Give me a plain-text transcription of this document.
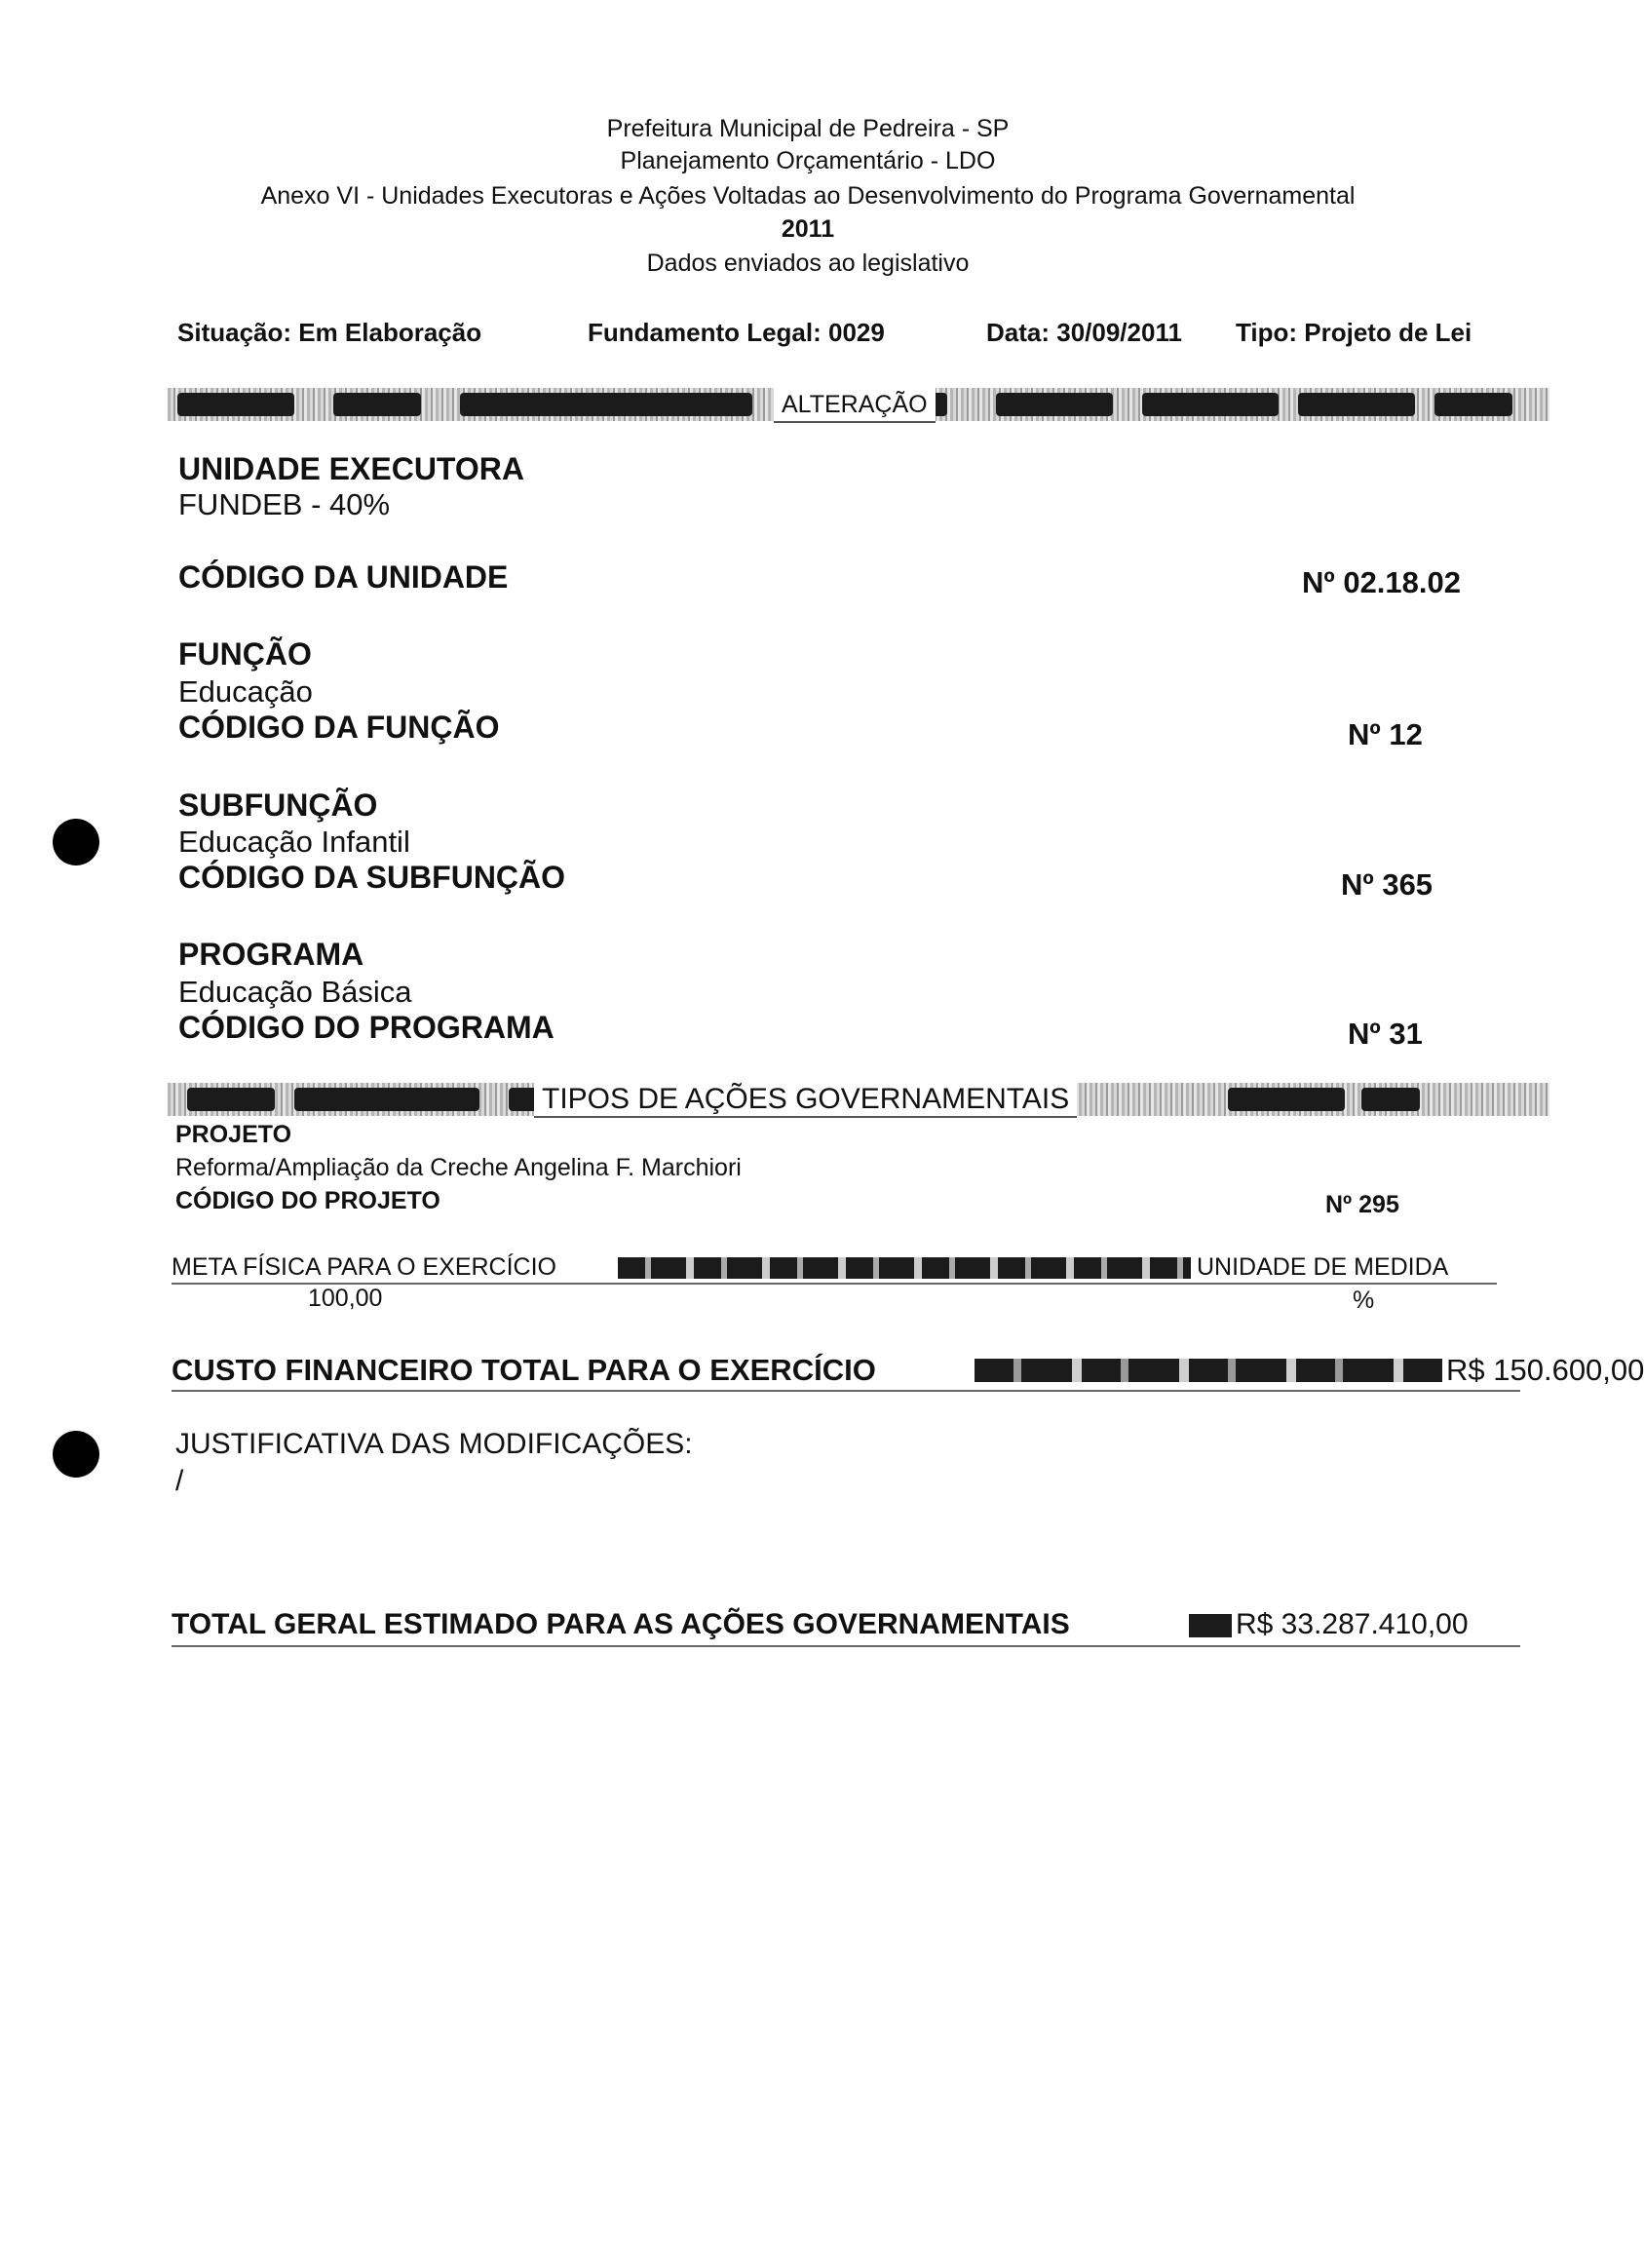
Prefeitura Municipal de Pedreira - SP
Planejamento Orçamentário - LDO
Anexo VI - Unidades Executoras e Ações Voltadas ao Desenvolvimento do Programa Governamental
2011
Dados enviados ao legislativo
Situação: Em Elaboração	Fundamento Legal: 0029	Data: 30/09/2011 Tipo: Projeto de Lei
ALTERAÇÃO
UNIDADE EXECUTORA
FUNDEB - 40%
CÓDIGO DA UNIDADE	Nº 02.18.02
FUNÇÃO
Educação
CÓDIGO DA FUNÇÃO	Nº 12
SUBFUNÇÃO
Educação Infantil
CÓDIGO DA SUBFUNÇÃO	Nº 365
PROGRAMA
Educação Básica
CÓDIGO DO PROGRAMA	Nº 31
TIPOS DE AÇÕES GOVERNAMENTAIS
PROJETO
Reforma/Ampliação da Creche Angelina F. Marchiori
CÓDIGO DO PROJETO	Nº 295
META FÍSICA PARA O EXERCÍCIO	UNIDADE DE MEDIDA
100,00	%
CUSTO FINANCEIRO TOTAL PARA O EXERCÍCIO	R$ 150.600,00
JUSTIFICATIVA DAS MODIFICAÇÕES:
/
TOTAL GERAL ESTIMADO PARA AS AÇÕES GOVERNAMENTAIS	R$ 33.287.410,00
